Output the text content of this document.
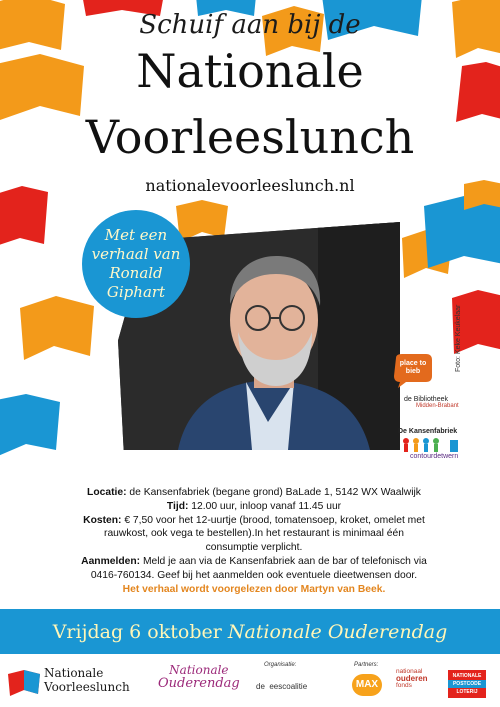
Schuif aan bij de
Nationale
Voorleeslunch
nationalevoorleeslunch.nl
Foto: Keke Keukelaar
Met een
verhaal van
Ronald
Giphart
place to
bieb
de Bibliotheek
Midden-Brabant
De Kansenfabriek
contourdetwern
Locatie: de Kansenfabriek (begane grond) BaLade 1, 5142 WX Waalwijk
Tijd: 12.00 uur, inloop vanaf 11.45 uur
Kosten: € 7,50 voor het 12-uurtje (brood, tomatensoep, kroket, omelet met rauwkost, ook vega te bestellen).In het restaurant is minimaal één consumptie verplicht.
Aanmelden: Meld je aan via de Kansenfabriek aan de bar of telefonisch via 0416-760134. Geef bij het aanmelden ook eventuele dieetwensen door.
Het verhaal wordt voorgelezen door Martyn van Beek.
Vrijdag 6 oktober Nationale Ouderendag
Nationale
Voorleeslunch
Nationale
Ouderendag
Organisatie:
de  eescoalitie
Partners:
MAX
nationaal
ouderen
fonds
NATIONALE
POSTCODE
LOTERIJ
